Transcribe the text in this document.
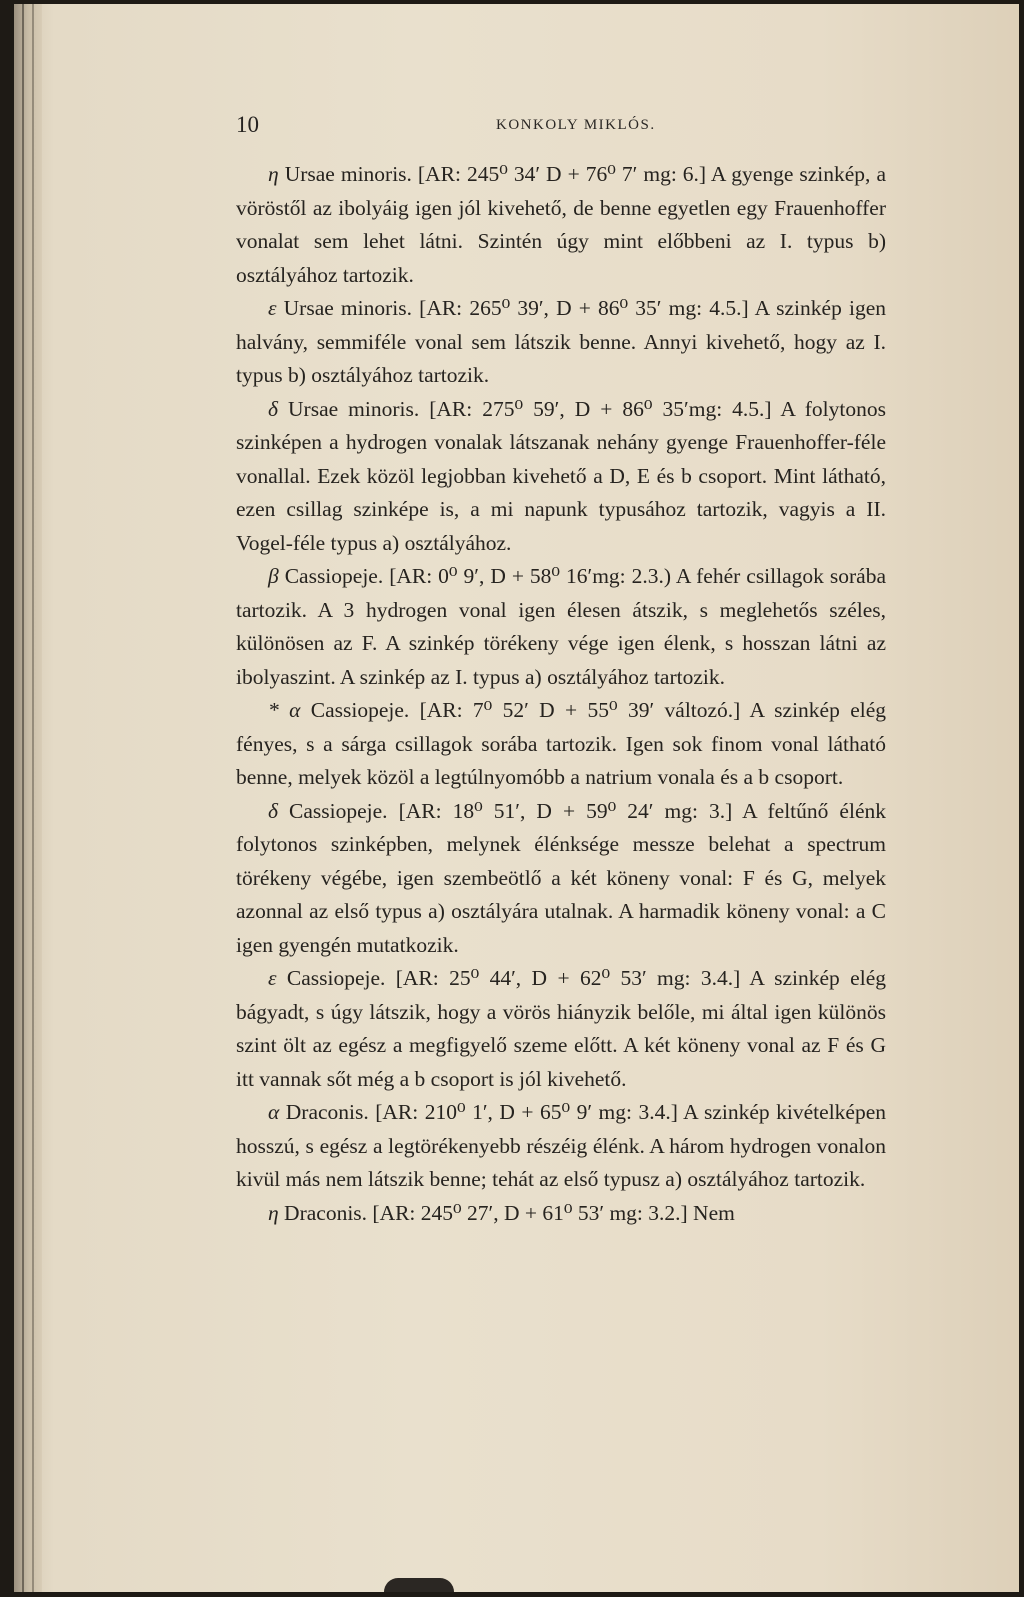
10	KONKOLY MIKLÓS.

η Ursae minoris. [AR: 245⁰ 34′ D + 76⁰ 7′ mg: 6.] A gyenge szinkép, a vöröstől az ibolyáig igen jól kivehető, de benne egyetlen egy Frauenhoffer vonalat sem lehet látni. Szintén úgy mint előbbeni az I. typus b) osztályához tartozik.

ε Ursae minoris. [AR: 265⁰ 39′, D + 86⁰ 35′ mg: 4.5.] A szinkép igen halvány, semmiféle vonal sem látszik benne. Annyi kivehető, hogy az I. typus b) osztályához tartozik.

δ Ursae minoris. [AR: 275⁰ 59′, D + 86⁰ 35′mg: 4.5.] A folytonos szinképen a hydrogen vonalak látszanak nehány gyenge Frauenhoffer-féle vonallal. Ezek közöl legjobban kivehető a D, E és b csoport. Mint látható, ezen csillag szinképe is, a mi napunk typusához tartozik, vagyis a II. Vogel-féle typus a) osztályához.

β Cassiopeje. [AR: 0⁰ 9′, D + 58⁰ 16′mg: 2.3.) A fehér csillagok sorába tartozik. A 3 hydrogen vonal igen élesen átszik, s meglehetős széles, különösen az F. A szinkép törékeny vége igen élenk, s hosszan látni az ibolyaszint. A szinkép az I. typus a) osztályához tartozik.

* α Cassiopeje. [AR: 7⁰ 52′ D + 55⁰ 39′ változó.] A szinkép elég fényes, s a sárga csillagok sorába tartozik. Igen sok finom vonal látható benne, melyek közöl a legtúlnyomóbb a natrium vonala és a b csoport.

δ Cassiopeje. [AR: 18⁰ 51′, D + 59⁰ 24′ mg: 3.] A feltűnő élénk folytonos szinképben, melynek élénksége messze belehat a spectrum törékeny végébe, igen szembeötlő a két köneny vonal: F és G, melyek azonnal az első typus a) osztályára utalnak. A harmadik köneny vonal: a C igen gyengén mutatkozik.

ε Cassiopeje. [AR: 25⁰ 44′, D + 62⁰ 53′ mg: 3.4.] A szinkép elég bágyadt, s úgy látszik, hogy a vörös hiányzik belőle, mi által igen különös szint ölt az egész a megfigyelő szeme előtt. A két köneny vonal az F és G itt vannak sőt még a b csoport is jól kivehető.

α Draconis. [AR: 210⁰ 1′, D + 65⁰ 9′ mg: 3.4.] A szinkép kivételképen hosszú, s egész a legtörékenyebb részéig élénk. A három hydrogen vonalon kivül más nem látszik benne; tehát az első typusz a) osztályához tartozik.

η Draconis. [AR: 245⁰ 27′, D + 61⁰ 53′ mg: 3.2.] Nem
